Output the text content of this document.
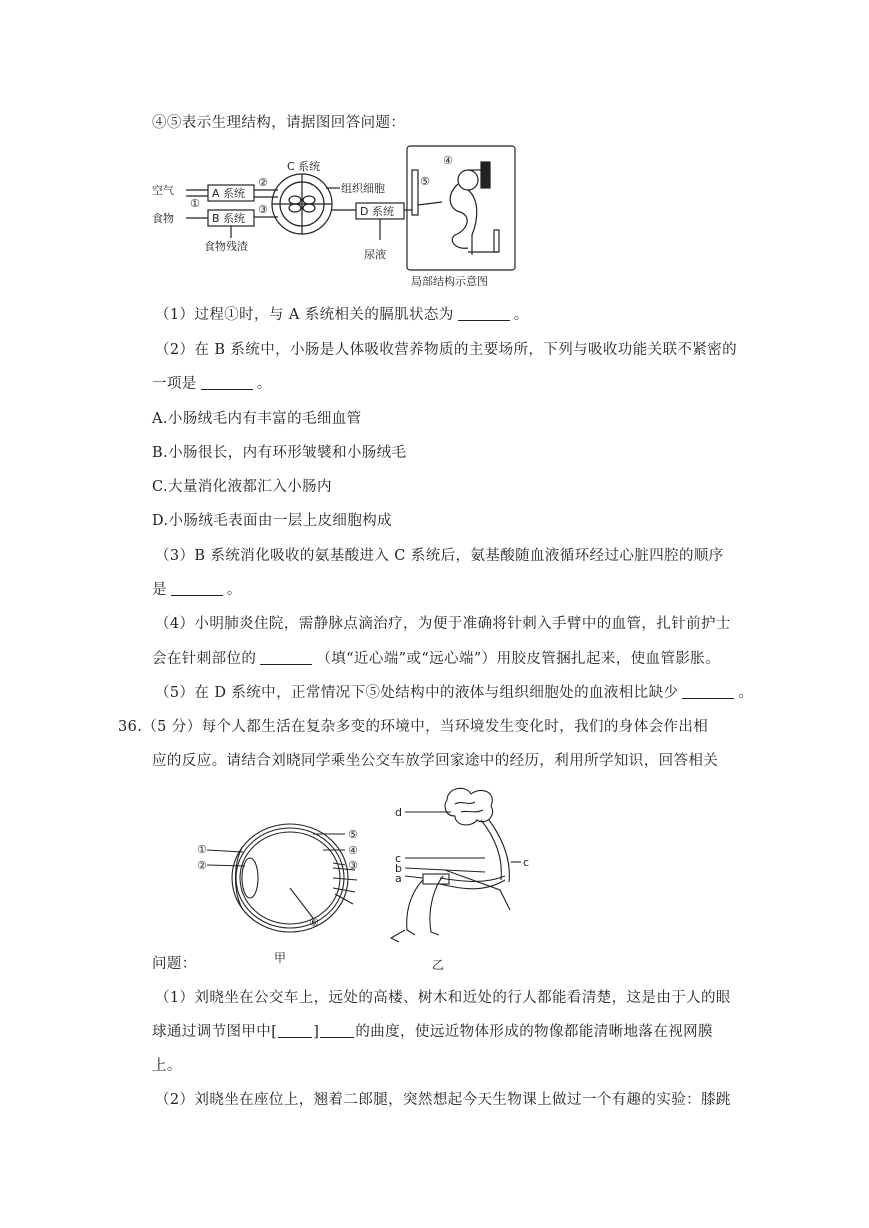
④⑤表示生理结构，请据图回答问题：
空气
食物
A 系统
B 系统
①
②
③
C 系统
组织细胞
D 系统
食物残渣
尿液
局部结构示意图
④
⑤
（1）过程①时，与 A 系统相关的膈肌状态为	。
（2）在 B 系统中，小肠是人体吸收营养物质的主要场所，下列与吸收功能关联不紧密的
一项是	。
A.小肠绒毛内有丰富的毛细血管
B.小肠很长，内有环形皱襞和小肠绒毛
C.大量消化液都汇入小肠内
D.小肠绒毛表面由一层上皮细胞构成
（3）B 系统消化吸收的氨基酸进入 C 系统后，氨基酸随血液循环经过心脏四腔的顺序
是	。
（4）小明肺炎住院，需静脉点滴治疗，为便于准确将针刺入手臂中的血管，扎针前护士
会在针刺部位的	（填“近心端”或“远心端”）用胶皮管捆扎起来，使血管影胀。
（5）在 D 系统中，正常情况下⑤处结构中的液体与组织细胞处的血液相比缺少	。
36.（5 分）每个人都生活在复杂多变的环境中，当环境发生变化时，我们的身体会作出相
应的反应。请结合刘晓同学乘坐公交车放学回家途中的经历，利用所学知识，回答相关
①
②
⑤
④
③
⑥
d
c
b
a
c
甲	乙
问题：
（1）刘晓坐在公交车上，远处的高楼、树木和近处的行人都能看清楚，这是由于人的眼
球通过调节图甲中[ ] 的曲度，使远近物体形成的物像都能清晰地落在视网膜
上。
（2）刘晓坐在座位上，翘着二郎腿，突然想起今天生物课上做过一个有趣的实验：膝跳
